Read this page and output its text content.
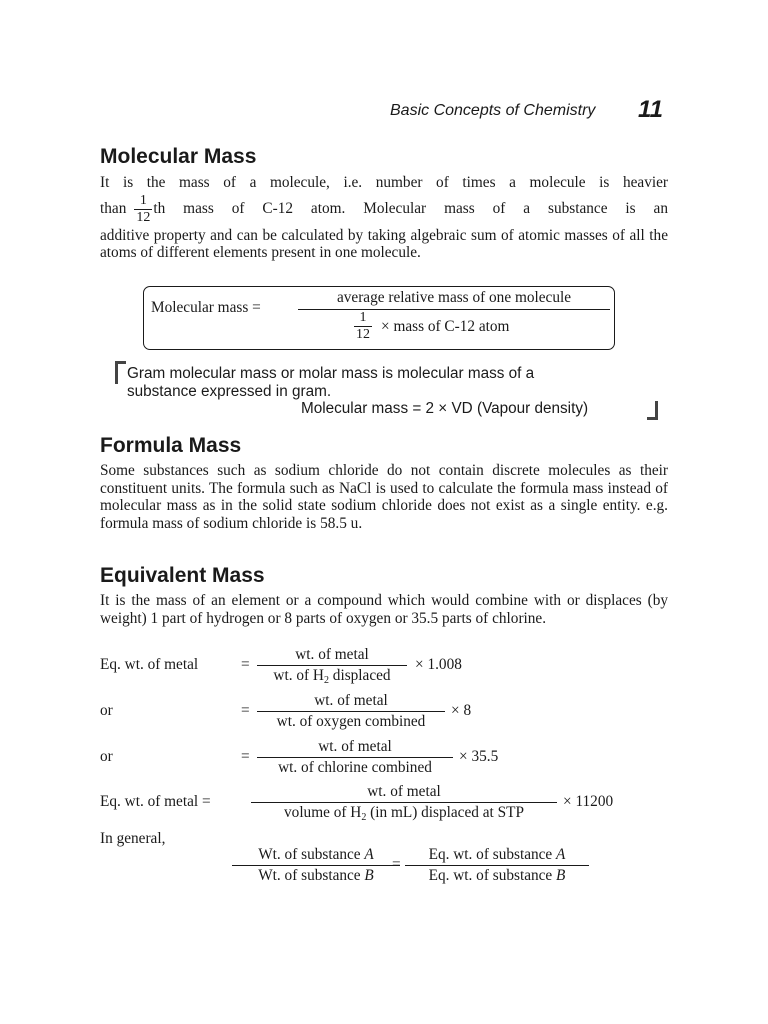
Basic Concepts of Chemistry 11
Molecular Mass
It is the mass of a molecule, i.e. number of times a molecule is heavier
than $\frac{1}{12}$ th mass of C-12 atom. Molecular mass of a substance is an
additive property and can be calculated by taking algebraic sum of atomic masses of all the atoms of different elements present in one molecule.
Molecular mass =
average relative mass of one molecule
$\frac{1}{12}$ × mass of C-12 atom
Gram molecular mass or molar mass is molecular mass of a
substance expressed in gram.
Molecular mass = 2 × VD (Vapour density)
Formula Mass
Some substances such as sodium chloride do not contain discrete molecules as their constituent units. The formula such as NaCl is used to calculate the formula mass instead of molecular mass as in the solid state sodium chloride does not exist as a single entity. e.g. formula mass of sodium chloride is 58.5 u.
Equivalent Mass
It is the mass of an element or a compound which would combine with or displaces (by weight) 1 part of hydrogen or 8 parts of oxygen or 35.5 parts of chlorine.
Eq. wt. of metal	=
wt. of metal
wt. of $H_2$ displaced
× 1.008
or	=
wt. of metal
wt. of oxygen combined
× 8
or	=
wt. of metal
wt. of chlorine combined
× 35.5
Eq. wt. of metal =
wt. of metal
volume of $H_2$ (in mL) displaced at STP
× 11200
In general,
Wt. of substance A
Wt. of substance B
=
Eq. wt. of substance A
Eq. wt. of substance B
